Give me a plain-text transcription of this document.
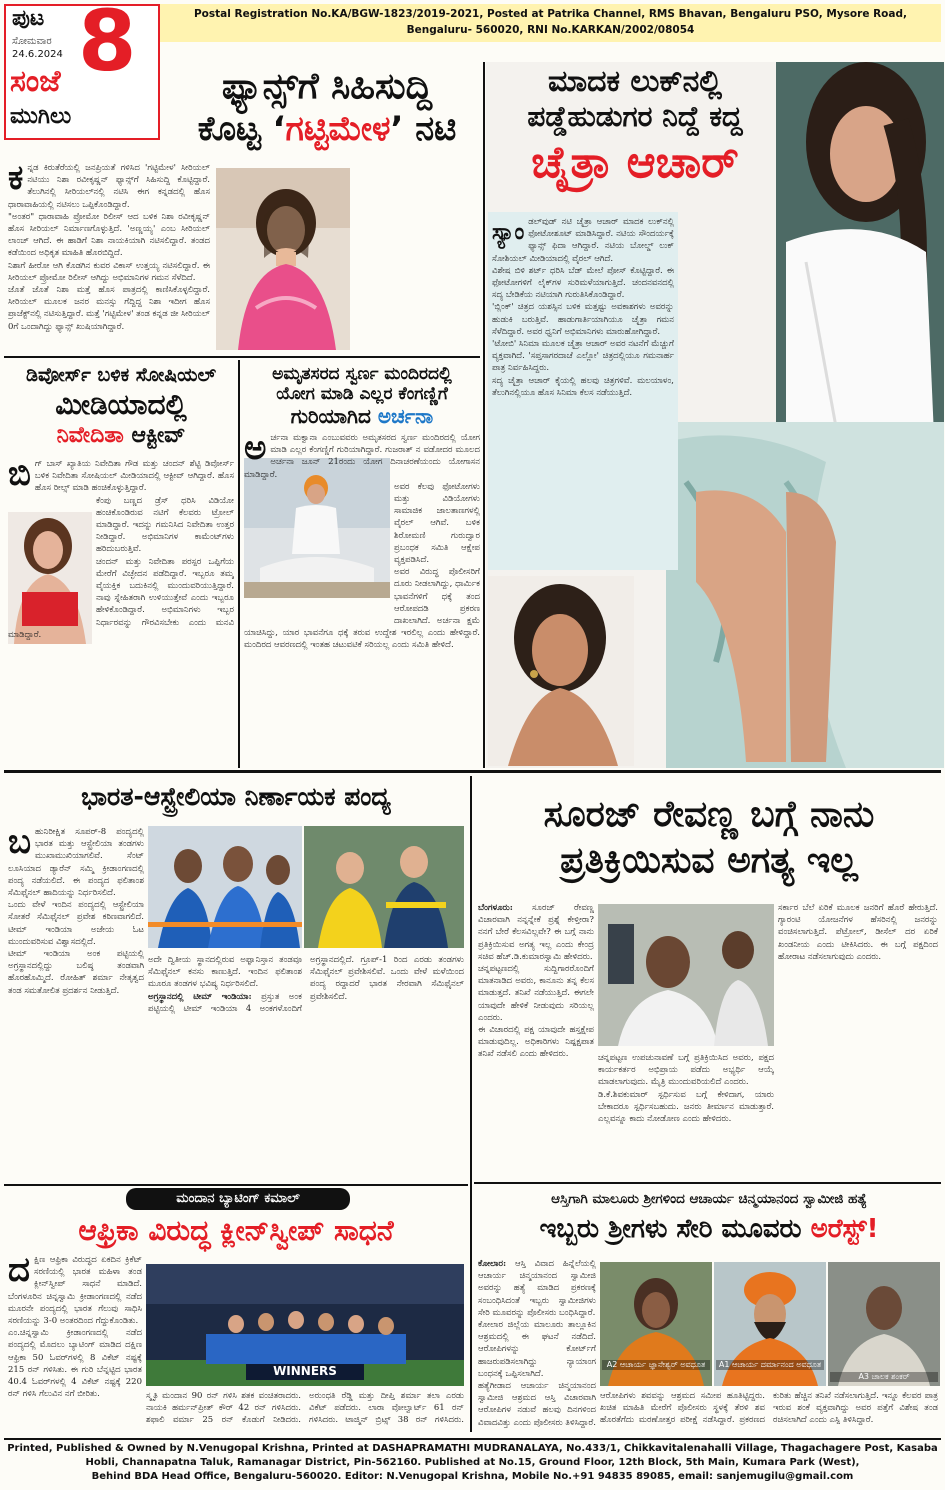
ಪುಟ
ಸೋಮವಾರ
24.6.2024 8
ಸಂಜೆ
ಮುಗಿಲು
Postal Registration No.KA/BGW-1823/2019-2021, Posted at Patrika Channel, RMS Bhavan, Bengaluru PSO, Mysore Road,
Bengaluru- 560020, RNI No.KARKAN/2002/08054
ಫ್ಯಾನ್ಸ್‌ಗೆ ಸಿಹಿಸುದ್ದಿ
ಕೊಟ್ಟ ‘ಗಟ್ಟಿಮೇಳ’ ನಟಿ
ಕ ನ್ನಡ ಕಿರುತೆರೆಯಲ್ಲಿ ಜನಪ್ರಿಯತೆ ಗಳಿಸಿದ 'ಗಟ್ಟಿಮೇಳ' ಸೀರಿಯಲ್ ನಟಿಯು ನಿಶಾ ರವೀಕೃಷ್ಣನ್ ಫ್ಯಾನ್ಸ್‌ಗೆ ಸಿಹಿಸುದ್ದಿ ಕೊಟ್ಟಿದ್ದಾರೆ. ತೆಲುಗಿನಲ್ಲಿ ಸೀರಿಯಲ್‌ನಲ್ಲಿ ನಟಿಸಿ ಈಗ ಕನ್ನಡದಲ್ಲಿ ಹೊಸ ಧಾರಾವಾಹಿಯಲ್ಲಿ ನಟಿಸಲು ಒಪ್ಪಿಕೊಂಡಿದ್ದಾರೆ.
"ಅಂತರ" ಧಾರಾವಾಹಿ ಪ್ರೋಮೋ ರಿಲೀಸ್ ಆದ ಬಳಿಕ ನಿಶಾ ರವೀಕೃಷ್ಣನ್ ಹೊಸ ಸೀರಿಯಲ್ ನಿರ್ಮಾಣಗೊಳ್ಳುತ್ತಿದೆ. 'ಅಣ್ಣಯ್ಯ' ಎಂಬ ಸೀರಿಯಲ್ ಲಾಂಚ್ ಆಗಿದೆ. ಈ ಹಾಡಿಗೆ ನಿಶಾ ನಾಯಕಿಯಾಗಿ ನಟಿಸಲಿದ್ದಾರೆ. ತಂಡದ ಕಡೆಯಿಂದ ಅಧಿಕೃತ ಮಾಹಿತಿ ಹೊರಬಿದ್ದಿದೆ.
ನಿಶಾಗೆ ಹೀರೋ ಆಗಿ ಕೊಡಗಿನ ಕುವರ ವಿಕಾಸ್ ಉತ್ತಯ್ಯ ನಟಿಸಲಿದ್ದಾರೆ. ಈ ಸೀರಿಯಲ್ ಪ್ರೋಮೋ ರಿಲೀಸ್ ಆಗಿದ್ದು ಅಭಿಮಾನಿಗಳ ಗಮನ ಸೆಳೆದಿದೆ.
ಜೊತೆ ಜೊತೆ ನಿಶಾ ಮತ್ತೆ ಹೊಸ ಪಾತ್ರದಲ್ಲಿ ಕಾಣಿಸಿಕೊಳ್ಳಲಿದ್ದಾರೆ. ಸೀರಿಯಲ್ ಮೂಲಕ ಜನರ ಮನಸ್ಸು ಗೆದ್ದಿದ್ದ ನಿಶಾ ಇದೀಗ ಹೊಸ ಪ್ರಾಜೆಕ್ಟ್‌ನಲ್ಲಿ ನಟಿಸುತ್ತಿದ್ದಾರೆ. ಮತ್ತೆ 'ಗಟ್ಟಿಮೇಳ' ತಂಡ ಕನ್ನಡ ಜೀ ಸೀರಿಯಲ್ 0ಗೆ ಒಂದಾಗಿದ್ದು ಫ್ಯಾನ್ಸ್ ಖುಷಿಯಾಗಿದ್ದಾರೆ.
ಮಾದಕ ಲುಕ್‌ನಲ್ಲಿ
ಪಡ್ಡೆಹುಡುಗರ ನಿದ್ದೆ ಕದ್ದ
ಚೈತ್ರಾ ಆಚಾರ್
ಸ್ಯಾಂ ಡಲ್‌ವುಡ್ ನಟಿ ಚೈತ್ರಾ ಆಚಾರ್ ಮಾದಕ ಲುಕ್‌ನಲ್ಲಿ ಫೋಟೋಶೂಟ್ ಮಾಡಿಸಿದ್ದಾರೆ. ನಟಿಯ ಸೌಂದರ್ಯಕ್ಕೆ ಫ್ಯಾನ್ಸ್ ಫಿದಾ ಆಗಿದ್ದಾರೆ. ನಟಿಯ ಬೋಲ್ಡ್ ಲುಕ್ ಸೋಶಿಯಲ್ ಮೀಡಿಯಾದಲ್ಲಿ ವೈರಲ್ ಆಗಿದೆ.
ವಿಶೇಷ ಬಿಳಿ ಶರ್ಟ್ ಧರಿಸಿ ಬೆಡ್ ಮೇಲೆ ಪೋಸ್ ಕೊಟ್ಟಿದ್ದಾರೆ. ಈ ಫೋಟೋಗಳಿಗೆ ಲೈಕ್‌ಗಳ ಸುರಿಮಳೆಯಾಗುತ್ತಿದೆ. ಚಂದನವನದಲ್ಲಿ ಸದ್ಯ ಬೇಡಿಕೆಯ ನಟಿಯಾಗಿ ಗುರುತಿಸಿಕೊಂಡಿದ್ದಾರೆ.
'ಬ್ಲಿಂಕ್' ಚಿತ್ರದ ಯಶಸ್ಸಿನ ಬಳಿಕ ಮತ್ತಷ್ಟು ಅವಕಾಶಗಳು ಅವರನ್ನು ಹುಡುಕಿ ಬರುತ್ತಿವೆ. ಹಾಡುಗಾರ್ತಿಯಾಗಿಯೂ ಚೈತ್ರಾ ಗಮನ ಸೆಳೆದಿದ್ದಾರೆ. ಅವರ ಧ್ವನಿಗೆ ಅಭಿಮಾನಿಗಳು ಮಾರುಹೋಗಿದ್ದಾರೆ.
'ಟೋಬಿ' ಸಿನಿಮಾ ಮೂಲಕ ಚೈತ್ರಾ ಆಚಾರ್ ಅವರ ನಟನೆಗೆ ಮೆಚ್ಚುಗೆ ವ್ಯಕ್ತವಾಗಿದೆ. 'ಸಪ್ತಸಾಗರದಾಚೆ ಎಲ್ಲೋ' ಚಿತ್ರದಲ್ಲಿಯೂ ಗಮನಾರ್ಹ ಪಾತ್ರ ನಿರ್ವಹಿಸಿದ್ದರು.
ಸದ್ಯ ಚೈತ್ರಾ ಆಚಾರ್ ಕೈಯಲ್ಲಿ ಹಲವು ಚಿತ್ರಗಳಿವೆ. ಮಲಯಾಳಂ, ತೆಲುಗಿನಲ್ಲಿಯೂ ಹೊಸ ಸಿನಿಮಾ ಕೆಲಸ ನಡೆಯುತ್ತಿದೆ.
ಡಿವೋರ್ಸ್ ಬಳಿಕ ಸೋಷಿಯಲ್
ಮೀಡಿಯಾದಲ್ಲಿ
ನಿವೇದಿತಾ ಆಕ್ಟೀವ್
ಬಿ ಗ್ ಬಾಸ್ ಖ್ಯಾತಿಯ ನಿವೇದಿತಾ ಗೌಡ ಮತ್ತು ಚಂದನ್ ಶೆಟ್ಟಿ ಡಿವೋರ್ಸ್ ಬಳಿಕ ನಿವೇದಿತಾ ಸೋಷಿಯಲ್ ಮೀಡಿಯಾದಲ್ಲಿ ಆಕ್ಟೀವ್ ಆಗಿದ್ದಾರೆ. ಹೊಸ ಹೊಸ ರೀಲ್ಸ್ ಮಾಡಿ ಹಂಚಿಕೊಳ್ಳುತ್ತಿದ್ದಾರೆ.

ಕೆಂಪು ಬಣ್ಣದ ಡ್ರೆಸ್ ಧರಿಸಿ ವಿಡಿಯೋ ಹಂಚಿಕೊಂಡಿರುವ ನಟಿಗೆ ಕೆಲವರು ಟ್ರೋಲ್ ಮಾಡಿದ್ದಾರೆ. ಇದನ್ನು ಗಮನಿಸಿದ ನಿವೇದಿತಾ ಉತ್ತರ ನೀಡಿದ್ದಾರೆ. ಅಭಿಮಾನಿಗಳ ಕಾಮೆಂಟ್‌ಗಳು ಹರಿದುಬರುತ್ತಿವೆ.
ಚಂದನ್ ಮತ್ತು ನಿವೇದಿತಾ ಪರಸ್ಪರ ಒಪ್ಪಿಗೆಯ ಮೇರೆಗೆ ವಿಚ್ಛೇದನ ಪಡೆದಿದ್ದಾರೆ. ಇಬ್ಬರೂ ತಮ್ಮ ವೈಯಕ್ತಿಕ ಬದುಕಿನಲ್ಲಿ ಮುಂದುವರಿಯುತ್ತಿದ್ದಾರೆ. ನಾವು ಸ್ನೇಹಿತರಾಗಿ ಉಳಿಯುತ್ತೇವೆ ಎಂದು ಇಬ್ಬರೂ ಹೇಳಿಕೊಂಡಿದ್ದಾರೆ. ಅಭಿಮಾನಿಗಳು ಇಬ್ಬರ ನಿರ್ಧಾರವನ್ನು ಗೌರವಿಸಬೇಕು ಎಂದು ಮನವಿ ಮಾಡಿದ್ದಾರೆ.
ಅಮೃತಸರದ ಸ್ವರ್ಣ ಮಂದಿರದಲ್ಲಿ
ಯೋಗ ಮಾಡಿ ಎಲ್ಲರ ಕೆಂಗಣ್ಣಿಗೆ
ಗುರಿಯಾಗಿದ ಅರ್ಚನಾ
ಅ ರ್ಚನಾ ಮಕ್ವಾನಾ ಎಂಬುವವರು ಅಮೃತಸರದ ಸ್ವರ್ಣ ಮಂದಿರದಲ್ಲಿ ಯೋಗ ಮಾಡಿ ಎಲ್ಲರ ಕೆಂಗಣ್ಣಿಗೆ ಗುರಿಯಾಗಿದ್ದಾರೆ. ಗುಜರಾತ್ ನ ವಡೋದರ ಮೂಲದ ಅರ್ಚನಾ ಜೂನ್ 21ರಂದು ಯೋಗ ದಿನಾಚರಣೆಯಂದು ಯೋಗಾಸನ ಮಾಡಿದ್ದಾರೆ.

ಅವರ ಕೆಲವು ಫೋಟೋಗಳು ಮತ್ತು ವಿಡಿಯೋಗಳು ಸಾಮಾಜಿಕ ಜಾಲತಾಣಗಳಲ್ಲಿ ವೈರಲ್ ಆಗಿವೆ. ಬಳಿಕ ಶಿರೋಮಣಿ ಗುರುದ್ವಾರ ಪ್ರಬಂಧಕ ಸಮಿತಿ ಆಕ್ಷೇಪ ವ್ಯಕ್ತಪಡಿಸಿದೆ.
ಅವರ ವಿರುದ್ಧ ಪೊಲೀಸರಿಗೆ ದೂರು ನೀಡಲಾಗಿದ್ದು, ಧಾರ್ಮಿಕ ಭಾವನೆಗಳಿಗೆ ಧಕ್ಕೆ ತಂದ ಆರೋಪದಡಿ ಪ್ರಕರಣ ದಾಖಲಾಗಿದೆ. ಅರ್ಚನಾ ಕ್ಷಮೆ ಯಾಚಿಸಿದ್ದು, ಯಾರ ಭಾವನೆಗೂ ಧಕ್ಕೆ ತರುವ ಉದ್ದೇಶ ಇರಲಿಲ್ಲ ಎಂದು ಹೇಳಿದ್ದಾರೆ. ಮಂದಿರದ ಆವರಣದಲ್ಲಿ ಇಂತಹ ಚಟುವಟಿಕೆ ಸರಿಯಲ್ಲ ಎಂದು ಸಮಿತಿ ಹೇಳಿದೆ.
ಭಾರತ-ಆಸ್ಟ್ರೇಲಿಯಾ ನಿರ್ಣಾಯಕ ಪಂದ್ಯ
ಬ ಹುನಿರೀಕ್ಷಿತ ಸೂಪರ್-8 ಪಂದ್ಯದಲ್ಲಿ ಭಾರತ ಮತ್ತು ಆಸ್ಟ್ರೇಲಿಯಾ ತಂಡಗಳು ಮುಖಾಮುಖಿಯಾಗಲಿವೆ. ಸೆಂಟ್ ಲೂಸಿಯಾದ ಡ್ಯಾರೆನ್ ಸಮ್ಮಿ ಕ್ರೀಡಾಂಗಣದಲ್ಲಿ ಪಂದ್ಯ ನಡೆಯಲಿದೆ. ಈ ಪಂದ್ಯದ ಫಲಿತಾಂಶ ಸೆಮಿಫೈನಲ್ ಹಾದಿಯನ್ನು ನಿರ್ಧರಿಸಲಿದೆ.
ಒಂದು ವೇಳೆ ಇಂದಿನ ಪಂದ್ಯದಲ್ಲಿ ಆಸ್ಟ್ರೇಲಿಯಾ ಸೋತರೆ ಸೆಮಿಫೈನಲ್ ಪ್ರವೇಶ ಕಠಿಣವಾಗಲಿದೆ. ಟೀಮ್ ಇಂಡಿಯಾ ಅಜೇಯ ಓಟ ಮುಂದುವರಿಸುವ ವಿಶ್ವಾಸದಲ್ಲಿದೆ.
ಟೀಮ್ ಇಂಡಿಯಾ ಅಂಕ ಪಟ್ಟಿಯಲ್ಲಿ ಅಗ್ರಸ್ಥಾನದಲ್ಲಿದ್ದು ಬಲಿಷ್ಠ ತಂಡವಾಗಿ ಹೊರಹೊಮ್ಮಿದೆ. ರೋಹಿತ್ ಶರ್ಮಾ ನೇತೃತ್ವದ ತಂಡ ಸಮತೋಲಿತ ಪ್ರದರ್ಶನ ನೀಡುತ್ತಿದೆ.
ಅದೇ ದ್ವಿತೀಯ ಸ್ಥಾನದಲ್ಲಿರುವ ಅಫ್ಘಾನಿಸ್ತಾನ ತಂಡವೂ ಸೆಮಿಫೈನಲ್ ಕನಸು ಕಾಣುತ್ತಿದೆ. ಇಂದಿನ ಫಲಿತಾಂಶ ಮೂರೂ ತಂಡಗಳ ಭವಿಷ್ಯ ನಿರ್ಧರಿಸಲಿದೆ.
ಅಗ್ರಸ್ಥಾನದಲ್ಲಿ ಟೀಮ್ ಇಂಡಿಯಾ: ಪ್ರಸ್ತುತ ಅಂಕ ಪಟ್ಟಿಯಲ್ಲಿ ಟೀಮ್ ಇಂಡಿಯಾ 4 ಅಂಕಗಳೊಂದಿಗೆ ಅಗ್ರಸ್ಥಾನದಲ್ಲಿದೆ. ಗ್ರೂಪ್-1 ರಿಂದ ಎರಡು ತಂಡಗಳು ಸೆಮಿಫೈನಲ್ ಪ್ರವೇಶಿಸಲಿವೆ. ಒಂದು ವೇಳೆ ಮಳೆಯಿಂದ ಪಂದ್ಯ ರದ್ದಾದರೆ ಭಾರತ ನೇರವಾಗಿ ಸೆಮಿಫೈನಲ್ ಪ್ರವೇಶಿಸಲಿದೆ.
ಸೂರಜ್ ರೇವಣ್ಣ ಬಗ್ಗೆ ನಾನು
ಪ್ರತಿಕ್ರಿಯಿಸುವ ಅಗತ್ಯ ಇಲ್ಲ
ಬೆಂಗಳೂರು: ಸೂರಜ್ ರೇವಣ್ಣ ವಿಚಾರವಾಗಿ ನನ್ನನ್ನೇಕೆ ಪ್ರಶ್ನೆ ಕೇಳ್ತೀರಾ? ನನಗೆ ಬೇರೆ ಕೆಲಸವಿಲ್ಲವೇ? ಈ ಬಗ್ಗೆ ನಾನು ಪ್ರತಿಕ್ರಿಯಿಸುವ ಅಗತ್ಯ ಇಲ್ಲ ಎಂದು ಕೇಂದ್ರ ಸಚಿವ ಹೆಚ್.ಡಿ.ಕುಮಾರಸ್ವಾಮಿ ಹೇಳಿದರು.
ಚನ್ನಪಟ್ಟಣದಲ್ಲಿ ಸುದ್ದಿಗಾರರೊಂದಿಗೆ ಮಾತನಾಡಿದ ಅವರು, ಕಾನೂನು ತನ್ನ ಕೆಲಸ ಮಾಡುತ್ತದೆ. ತನಿಖೆ ನಡೆಯುತ್ತಿದೆ. ಈಗಲೇ ಯಾವುದೇ ಹೇಳಿಕೆ ನೀಡುವುದು ಸರಿಯಲ್ಲ ಎಂದರು.
ಈ ವಿಚಾರದಲ್ಲಿ ಪಕ್ಷ ಯಾವುದೇ ಹಸ್ತಕ್ಷೇಪ ಮಾಡುವುದಿಲ್ಲ. ಅಧಿಕಾರಿಗಳು ನಿಷ್ಪಕ್ಷಪಾತ ತನಿಖೆ ನಡೆಸಲಿ ಎಂದು ಹೇಳಿದರು.	ಚನ್ನಪಟ್ಟಣ ಉಪಚುನಾವಣೆ ಬಗ್ಗೆ ಪ್ರತಿಕ್ರಿಯಿಸಿದ ಅವರು, ಪಕ್ಷದ ಕಾರ್ಯಕರ್ತರ ಅಭಿಪ್ರಾಯ ಪಡೆದು ಅಭ್ಯರ್ಥಿ ಆಯ್ಕೆ ಮಾಡಲಾಗುವುದು. ಮೈತ್ರಿ ಮುಂದುವರಿಯಲಿದೆ ಎಂದರು.
ಡಿ.ಕೆ.ಶಿವಕುಮಾರ್ ಸ್ಪರ್ಧಿಸುವ ಬಗ್ಗೆ ಕೇಳಿದಾಗ, ಯಾರು ಬೇಕಾದರೂ ಸ್ಪರ್ಧಿಸಬಹುದು. ಜನರು ತೀರ್ಮಾನ ಮಾಡುತ್ತಾರೆ. ಎಲ್ಲವನ್ನೂ ಕಾದು ನೋಡೋಣ ಎಂದು ಹೇಳಿದರು.
ಸರ್ಕಾರ ಬೆಲೆ ಏರಿಕೆ ಮೂಲಕ ಜನರಿಗೆ ಹೊರೆ ಹೇರುತ್ತಿದೆ. ಗ್ಯಾರಂಟಿ ಯೋಜನೆಗಳ ಹೆಸರಿನಲ್ಲಿ ಜನರನ್ನು ವಂಚಿಸಲಾಗುತ್ತಿದೆ. ಪೆಟ್ರೋಲ್, ಡೀಸೆಲ್ ದರ ಏರಿಕೆ ಖಂಡನೀಯ ಎಂದು ಟೀಕಿಸಿದರು. ಈ ಬಗ್ಗೆ ಪಕ್ಷದಿಂದ ಹೋರಾಟ ನಡೆಸಲಾಗುವುದು ಎಂದರು.
ಮಂದಾನ ಬ್ಯಾಟಿಂಗ್ ಕಮಾಲ್
ಆಫ್ರಿಕಾ ವಿರುದ್ಧ ಕ್ಲೀನ್‌ಸ್ವೀಪ್ ಸಾಧನೆ
WINNERS
ದ ಕ್ಷಿಣ ಆಫ್ರಿಕಾ ವಿರುದ್ಧದ ಏಕದಿನ ಕ್ರಿಕೆಟ್ ಸರಣಿಯಲ್ಲಿ ಭಾರತ ಮಹಿಳಾ ತಂಡ ಕ್ಲೀನ್‌ಸ್ವೀಪ್ ಸಾಧನೆ ಮಾಡಿದೆ. ಬೆಂಗಳೂರಿನ ಚಿನ್ನಸ್ವಾಮಿ ಕ್ರೀಡಾಂಗಣದಲ್ಲಿ ನಡೆದ ಮೂರನೇ ಪಂದ್ಯದಲ್ಲಿ ಭಾರತ ಗೆಲುವು ಸಾಧಿಸಿ ಸರಣಿಯನ್ನು 3-0 ಅಂತರದಿಂದ ಗೆದ್ದುಕೊಂಡಿತು.
ಎಂ.ಚಿನ್ನಸ್ವಾಮಿ ಕ್ರೀಡಾಂಗಣದಲ್ಲಿ ನಡೆದ ಪಂದ್ಯದಲ್ಲಿ ಮೊದಲು ಬ್ಯಾಟಿಂಗ್ ಮಾಡಿದ ದಕ್ಷಿಣ ಆಫ್ರಿಕಾ 50 ಓವರ್‌ಗಳಲ್ಲಿ 8 ವಿಕೆಟ್ ನಷ್ಟಕ್ಕೆ 215 ರನ್ ಗಳಿಸಿತು. ಈ ಗುರಿ ಬೆನ್ನಟ್ಟಿದ ಭಾರತ 40.4 ಓವರ್‌ಗಳಲ್ಲಿ 4 ವಿಕೆಟ್ ನಷ್ಟಕ್ಕೆ 220 ರನ್ ಗಳಿಸಿ ಗೆಲುವಿನ ನಗೆ ಬೀರಿತು.	ಸ್ಮೃತಿ ಮಂದಾನ 90 ರನ್ ಗಳಿಸಿ ಶತಕ ವಂಚಿತರಾದರು. ನಾಯಕಿ ಹರ್ಮನ್‌ಪ್ರೀತ್ ಕೌರ್ 42 ರನ್ ಗಳಿಸಿದರು. ಶಫಾಲಿ ವರ್ಮಾ 25 ರನ್ ಕೊಡುಗೆ ನೀಡಿದರು. ಅರುಂಧತಿ ರೆಡ್ಡಿ ಮತ್ತು ದೀಪ್ತಿ ಶರ್ಮಾ ತಲಾ ಎರಡು ವಿಕೆಟ್ ಪಡೆದರು. ಲಾರಾ ವೋಲ್ವಾರ್ಟ್ 61 ರನ್ ಗಳಿಸಿದರು. ಟಾಜ್ಮಿನ್ ಬ್ರಿಟ್ಸ್ 38 ರನ್ ಗಳಿಸಿದರು.
ಆಸ್ತಿಗಾಗಿ ಮಾಲೂರು ಶ್ರೀಗಳಿಂದ ಆಚಾರ್ಯ ಚಿನ್ಮಯಾನಂದ ಸ್ವಾಮೀಜಿ ಹತ್ಯೆ
ಇಬ್ಬರು ಶ್ರೀಗಳು ಸೇರಿ ಮೂವರು ಅರೆಸ್ಟ್!
A2 ಆಚಾರ್ಯ ಜ್ಞಾನೇಶ್ವರ್ ಅವಧೂತ	A1 ಆಚಾರ್ಯ ದರ್ಮಾನಂದ ಅವಧೂತ
A3 ಚಾಲಕ ಶಂಕರ್
ಕೋಲಾರ: ಆಸ್ತಿ ವಿವಾದ ಹಿನ್ನೆಲೆಯಲ್ಲಿ ಆಚಾರ್ಯ ಚಿನ್ಮಯಾನಂದ ಸ್ವಾಮೀಜಿ ಅವರನ್ನು ಹತ್ಯೆ ಮಾಡಿದ ಪ್ರಕರಣಕ್ಕೆ ಸಂಬಂಧಿಸಿದಂತೆ ಇಬ್ಬರು ಸ್ವಾಮೀಜಿಗಳು ಸೇರಿ ಮೂವರನ್ನು ಪೊಲೀಸರು ಬಂಧಿಸಿದ್ದಾರೆ.
ಕೋಲಾರ ಜಿಲ್ಲೆಯ ಮಾಲೂರು ತಾಲ್ಲೂಕಿನ ಆಶ್ರಮದಲ್ಲಿ ಈ ಘಟನೆ ನಡೆದಿದೆ. ಆರೋಪಿಗಳನ್ನು ಕೋರ್ಟ್‌ಗೆ ಹಾಜರುಪಡಿಸಲಾಗಿದ್ದು ನ್ಯಾಯಾಂಗ ಬಂಧನಕ್ಕೆ ಒಪ್ಪಿಸಲಾಗಿದೆ.
ಹತ್ಯೆಗೀಡಾದ ಆಚಾರ್ಯ ಚಿನ್ಮಯಾನಂದ ಸ್ವಾಮೀಜಿ ಆಶ್ರಮದ ಆಸ್ತಿ ವಿಚಾರವಾಗಿ ಆರೋಪಿಗಳ ನಡುವೆ ಹಲವು ದಿನಗಳಿಂದ ವಿವಾದವಿತ್ತು ಎಂದು ಪೊಲೀಸರು ತಿಳಿಸಿದ್ದಾರೆ.
ಆರೋಪಿಗಳು ಶವವನ್ನು ಆಶ್ರಮದ ಸಮೀಪ ಹೂತಿಟ್ಟಿದ್ದರು. ಖಚಿತ ಮಾಹಿತಿ ಮೇರೆಗೆ ಪೊಲೀಸರು ಸ್ಥಳಕ್ಕೆ ತೆರಳಿ ಶವ ಹೊರತೆಗೆದು ಮರಣೋತ್ತರ ಪರೀಕ್ಷೆ ನಡೆಸಿದ್ದಾರೆ. ಪ್ರಕರಣದ ಕುರಿತು ಹೆಚ್ಚಿನ ತನಿಖೆ ನಡೆಸಲಾಗುತ್ತಿದೆ. ಇನ್ನೂ ಕೆಲವರ ಪಾತ್ರ ಇರುವ ಶಂಕೆ ವ್ಯಕ್ತವಾಗಿದ್ದು ಅವರ ಪತ್ತೆಗೆ ವಿಶೇಷ ತಂಡ ರಚಿಸಲಾಗಿದೆ ಎಂದು ಎಸ್ಪಿ ತಿಳಿಸಿದ್ದಾರೆ.
Printed, Published & Owned by N.Venugopal Krishna, Printed at DASHAPRAMATHI MUDRANALAYA, No.433/1, Chikkavitalenahalli Village, Thagachagere Post, Kasaba
Hobli, Channapatna Taluk, Ramanagar District, Pin-562160. Published at No.15, Ground Floor, 12th Block, 5th Main, Kumara Park (West),
Behind BDA Head Office, Bengaluru-560020. Editor: N.Venugopal Krishna, Mobile No.+91 94835 89085, email: sanjemugilu@gmail.com
